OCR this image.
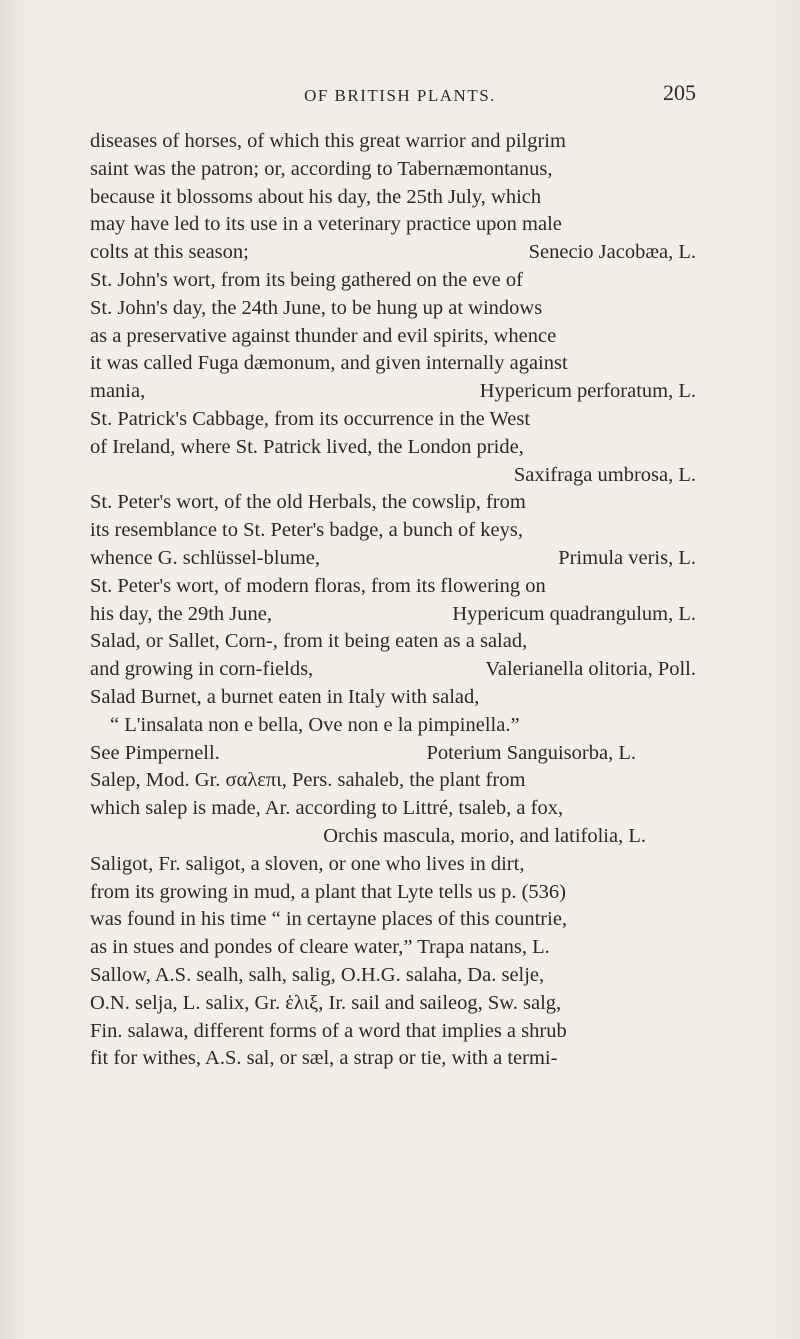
OF BRITISH PLANTS.	205
diseases of horses, of which this great warrior and pilgrim
saint was the patron; or, according to Tabernæmontanus,
because it blossoms about his day, the 25th July, which
may have led to its use in a veterinary practice upon male
colts at this season;	Senecio Jacobæa, L.
St. John's wort, from its being gathered on the eve of
St. John's day, the 24th June, to be hung up at windows
as a preservative against thunder and evil spirits, whence
it was called Fuga dæmonum, and given internally against
mania,	Hypericum perforatum, L.
St. Patrick's Cabbage, from its occurrence in the West
of Ireland, where St. Patrick lived, the London pride,
Saxifraga umbrosa, L.
St. Peter's wort, of the old Herbals, the cowslip, from
its resemblance to St. Peter's badge, a bunch of keys,
whence G. schlüssel-blume,	Primula veris, L.
St. Peter's wort, of modern floras, from its flowering on
his day, the 29th June,	Hypericum quadrangulum, L.
Salad, or Sallet, Corn-, from it being eaten as a salad,
and growing in corn-fields,	Valerianella olitoria, Poll.
Salad Burnet, a burnet eaten in Italy with salad,
“ L'insalata non e bella, Ove non e la pimpinella.”
See Pimpernell.	Poterium Sanguisorba, L.
Salep, Mod. Gr. σαλεπι, Pers. sahaleb, the plant from
which salep is made, Ar. according to Littré, tsaleb, a fox,
Orchis mascula, morio, and latifolia, L.
Saligot, Fr. saligot, a sloven, or one who lives in dirt,
from its growing in mud, a plant that Lyte tells us p. (536)
was found in his time “ in certayne places of this countrie,
as in stues and pondes of cleare water,” Trapa natans, L.
Sallow, A.S. sealh, salh, salig, O.H.G. salaha, Da. selje,
O.N. selja, L. salix, Gr. ἑλιξ, Ir. sail and saileog, Sw. salg,
Fin. salawa, different forms of a word that implies a shrub
fit for withes, A.S. sal, or sæl, a strap or tie, with a termi-
